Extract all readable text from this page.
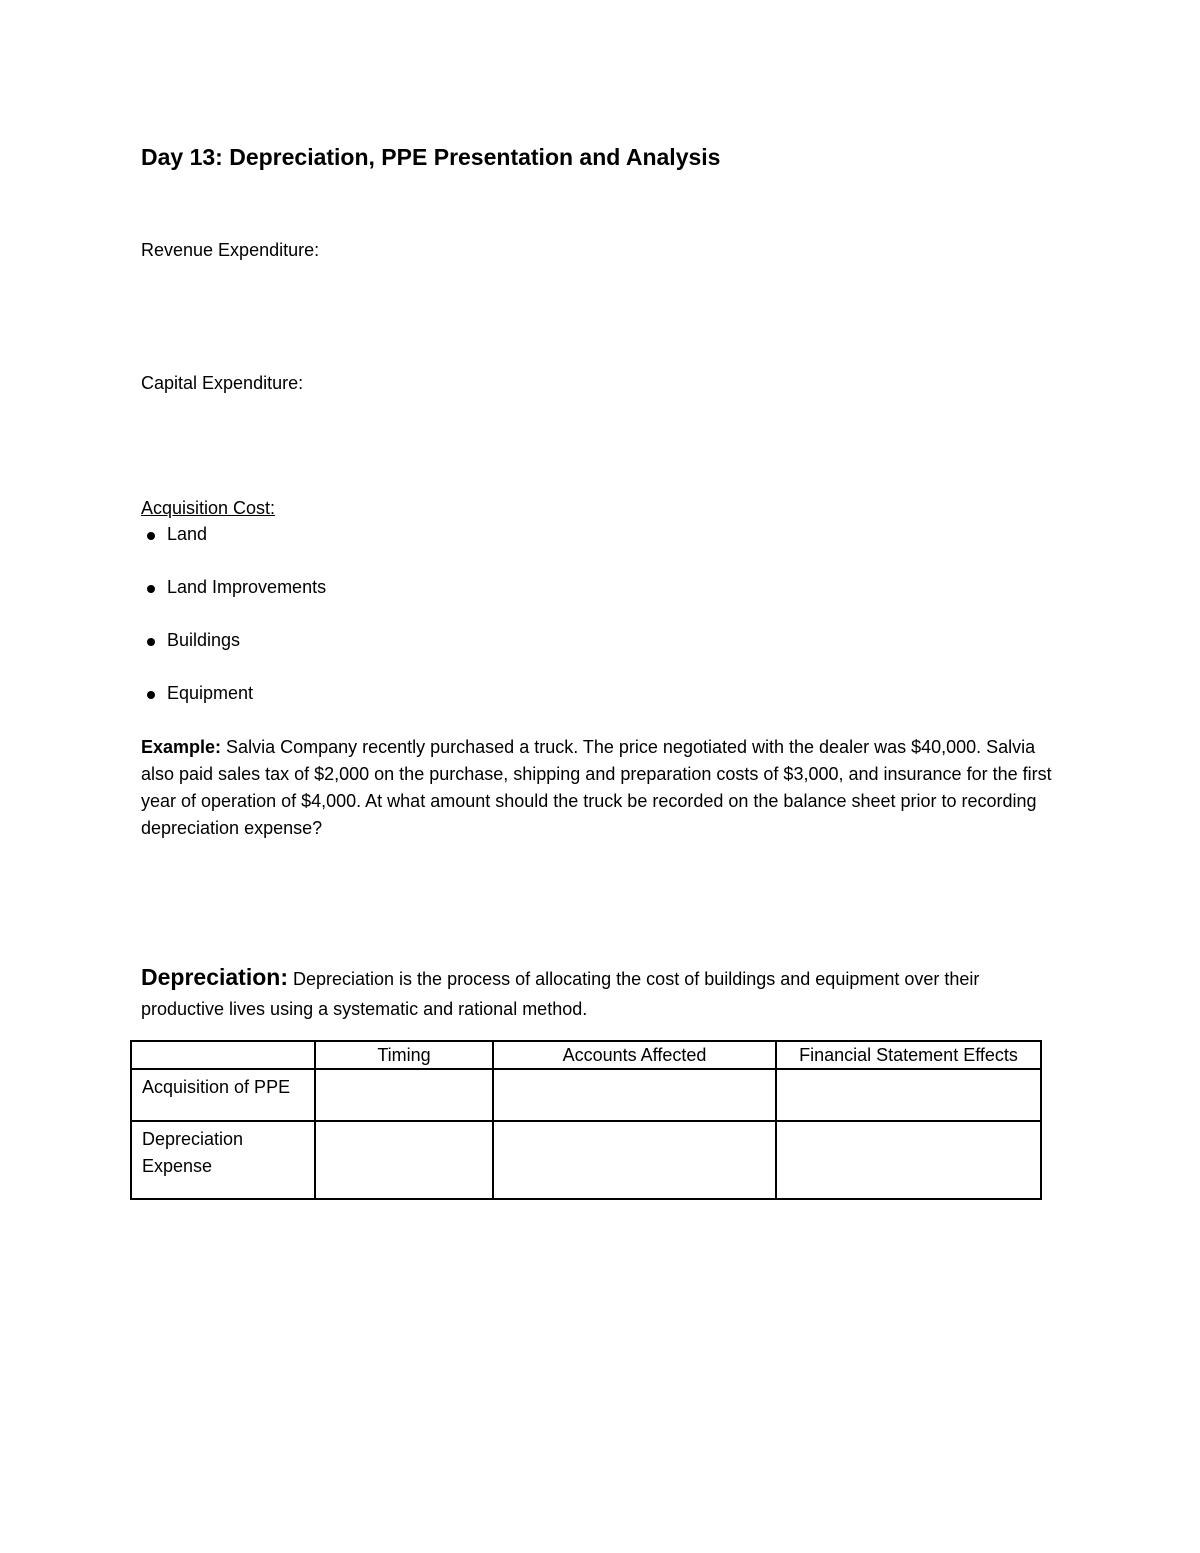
Day 13: Depreciation, PPE Presentation and Analysis
Revenue Expenditure:
Capital Expenditure:
Acquisition Cost:
Land
Land Improvements
Buildings
Equipment
Example: Salvia Company recently purchased a truck. The price negotiated with the dealer was $40,000. Salvia also paid sales tax of $2,000 on the purchase, shipping and preparation costs of $3,000, and insurance for the first year of operation of $4,000. At what amount should the truck be recorded on the balance sheet prior to recording depreciation expense?
Depreciation: Depreciation is the process of allocating the cost of buildings and equipment over their productive lives using a systematic and rational method.
	Timing	Accounts Affected	Financial Statement Effects
Acquisition of PPE			
Depreciation Expense			
